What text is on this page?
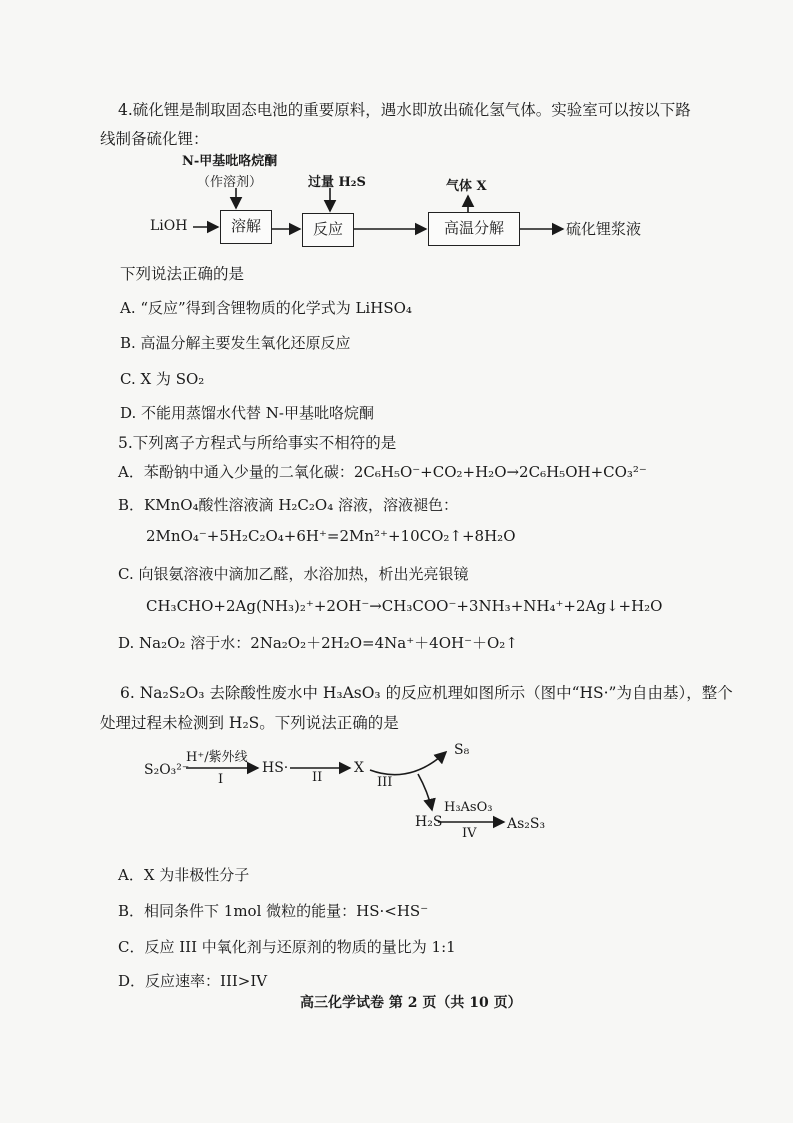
4.硫化锂是制取固态电池的重要原料，遇水即放出硫化氢气体。实验室可以按以下路
线制备硫化锂：
N-甲基吡咯烷酮
（作溶剂）	过量 H₂S	气体 X
LiOH	溶解	反应	高温分解	硫化锂浆液
下列说法正确的是
A. “反应”得到含锂物质的化学式为 LiHSO₄
B. 高温分解主要发生氧化还原反应
C. X 为 SO₂
D. 不能用蒸馏水代替 N-甲基吡咯烷酮
5.下列离子方程式与所给事实不相符的是
A．苯酚钠中通入少量的二氧化碳：2C₆H₅O⁻+CO₂+H₂O→2C₆H₅OH+CO₃²⁻
B．KMnO₄酸性溶液滴 H₂C₂O₄ 溶液，溶液褪色：
2MnO₄⁻+5H₂C₂O₄+6H⁺=2Mn²⁺+10CO₂↑+8H₂O
C. 向银氨溶液中滴加乙醛，水浴加热，析出光亮银镜
CH₃CHO+2Ag(NH₃)₂⁺+2OH⁻→CH₃COO⁻+3NH₃+NH₄⁺+2Ag↓+H₂O
D. Na₂O₂ 溶于水：2Na₂O₂＋2H₂O=4Na⁺＋4OH⁻＋O₂↑
6. Na₂S₂O₃ 去除酸性废水中 H₃AsO₃ 的反应机理如图所示（图中“HS·”为自由基），整个
处理过程未检测到 H₂S。下列说法正确的是
S₂O₃²⁻
H⁺/紫外线
I
HS·
II
X
III
S₈
H₂S
H₃AsO₃
IV
As₂S₃
A．X 为非极性分子
B．相同条件下 1mol 微粒的能量：HS·<HS⁻
C．反应 III 中氧化剂与还原剂的物质的量比为 1:1
D．反应速率：III>IV
高三化学试卷 第 2 页（共 10 页）
